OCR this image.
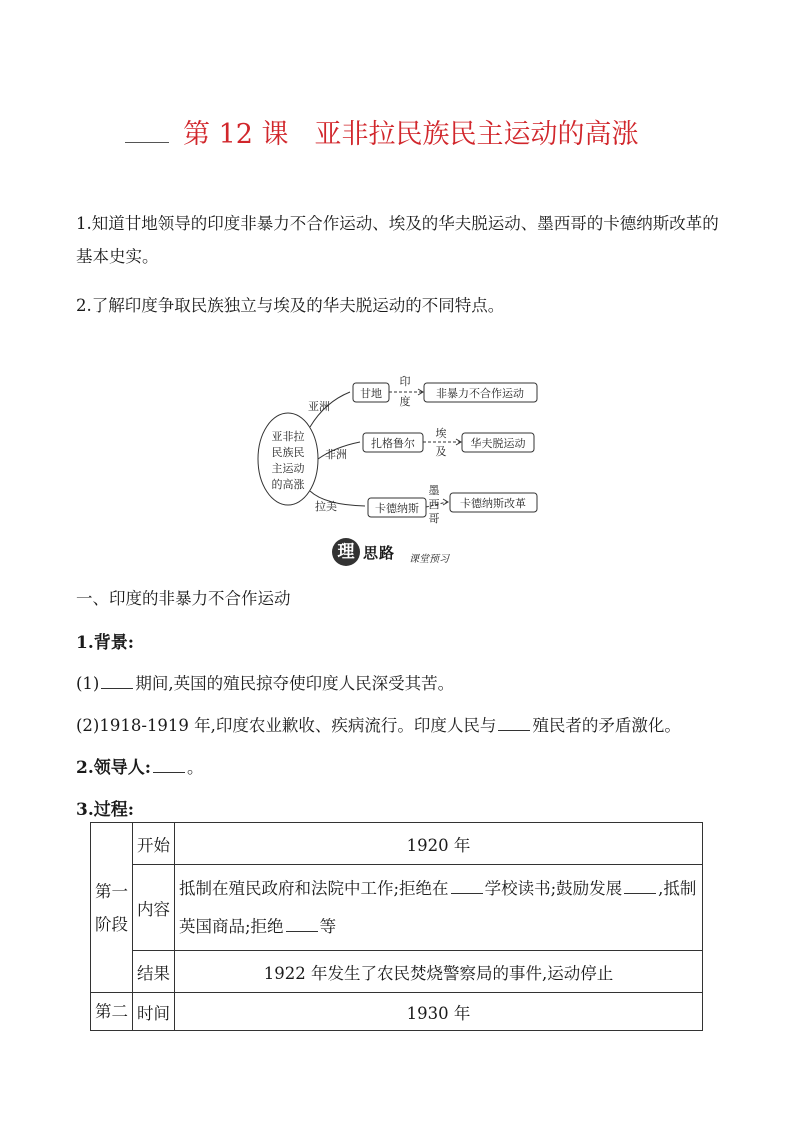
第 12 课 亚非拉民族民主运动的高涨
1.知道甘地领导的印度非暴力不合作运动、埃及的华夫脱运动、墨西哥的卡德纳斯改革的基本史实。
2.了解印度争取民族独立与埃及的华夫脱运动的不同特点。
亚非拉
民族民
主运动
的高涨
亚洲
非洲
拉美
甘地
扎格鲁尔
卡德纳斯
印
度
埃
及
墨
西
哥
非暴力不合作运动
华夫脱运动
卡德纳斯改革
理 思路 课堂预习
一、印度的非暴力不合作运动
1.背景:
(1) 期间,英国的殖民掠夺使印度人民深受其苦。
(2)1918-1919 年,印度农业歉收、疾病流行。印度人民与 殖民者的矛盾激化。
2.领导人: 。
3.过程:
第一阶段	开始	1920 年
	内容	抵制在殖民政府和法院中工作;拒绝在 学校读书;鼓励发展 ,抵制英国商品;拒绝 等
	结果	1922 年发生了农民焚烧警察局的事件,运动停止
第二	时间	1930 年
